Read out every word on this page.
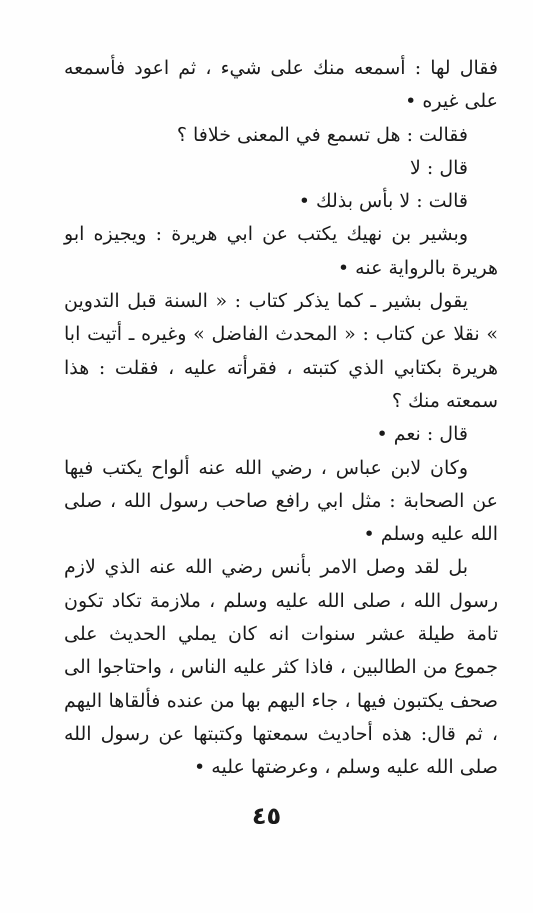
فقال لها : أسمعه منك على شيء ، ثم اعود فأسمعه على غيره •

فقالت : هل تسمع في المعنى خلافا ؟

قال : لا

قالت : لا بأس بذلك •

وبشير بن نهيك يكتب عن ابي هريرة : ويجيزه ابو هريرة بالرواية عنه •

يقول بشير ـ كما يذكر كتاب : « السنة قبل التدوين » نقلا عن كتاب : « المحدث الفاضل » وغيره ـ أتيت ابا هريرة بكتابي الذي كتبته ، فقرأته عليه ، فقلت : هذا سمعته منك ؟

قال : نعم •

وكان لابن عباس ، رضي الله عنه ألواح يكتب فيها عن الصحابة : مثل ابي رافع صاحب رسول الله ، صلى الله عليه وسلم •

بل لقد وصل الامر بأنس رضي الله عنه الذي لازم رسول الله ، صلى الله عليه وسلم ، ملازمة تكاد تكون تامة طيلة عشر سنوات انه كان يملي الحديث على جموع من الطالبين ، فاذا كثر عليه الناس ، واحتاجوا الى صحف يكتبون فيها ، جاء اليهم بها من عنده فألقاها اليهم ، ثم قال: هذه أحاديث سمعتها وكتبتها عن رسول الله صلى الله عليه وسلم ، وعرضتها عليه •

٤٥
